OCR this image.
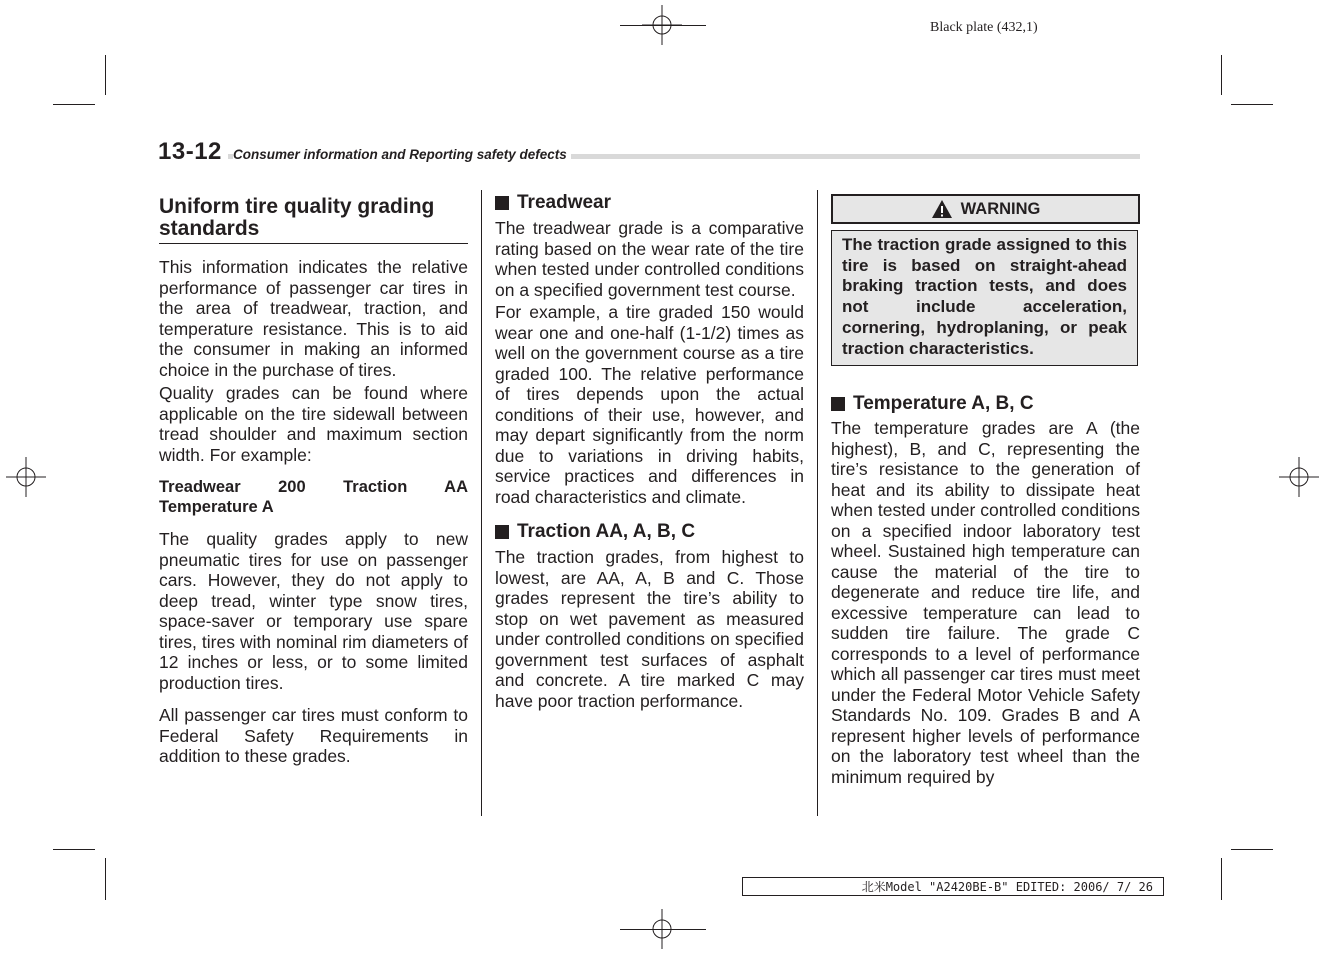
Black plate (432,1)
13-12 Consumer information and Reporting safety defects
Uniform tire quality grading standards

This information indicates the relative performance of passenger car tires in the area of treadwear, traction, and temperature resistance. This is to aid the consumer in making an informed choice in the purchase of tires.

Quality grades can be found where applicable on the tire sidewall between tread shoulder and maximum section width. For example:

Treadwear 200 Traction AA Temperature A

The quality grades apply to new pneumatic tires for use on passenger cars. However, they do not apply to deep tread, winter type snow tires, space-saver or temporary use spare tires, tires with nominal rim diameters of 12 inches or less, or to some limited production tires.

All passenger car tires must conform to Federal Safety Requirements in addition to these grades.

Treadwear

The treadwear grade is a comparative rating based on the wear rate of the tire when tested under controlled conditions on a specified government test course.

For example, a tire graded 150 would wear one and one-half (1-1/2) times as well on the government course as a tire graded 100. The relative performance of tires depends upon the actual conditions of their use, however, and may depart significantly from the norm due to variations in driving habits, service practices and differences in road characteristics and climate.

Traction AA, A, B, C

The traction grades, from highest to lowest, are AA, A, B and C. Those grades represent the tire’s ability to stop on wet pavement as measured under controlled conditions on specified government test surfaces of asphalt and concrete. A tire marked C may have poor traction performance.

WARNING
The traction grade assigned to this tire is based on straight-ahead braking traction tests, and does not include acceleration, cornering, hydroplaning, or peak traction characteristics.
Temperature A, B, C

The temperature grades are A (the highest), B, and C, representing the tire’s resistance to the generation of heat and its ability to dissipate heat when tested under controlled conditions on a specified indoor laboratory test wheel. Sustained high temperature can cause the material of the tire to degenerate and reduce tire life, and excessive temperature can lead to sudden tire failure. The grade C corresponds to a level of performance which all passenger car tires must meet under the Federal Motor Vehicle Safety Standards No. 109. Grades B and A represent higher levels of performance on the laboratory test wheel than the minimum required by

北米Model "A2420BE-B" EDITED: 2006/ 7/ 26
